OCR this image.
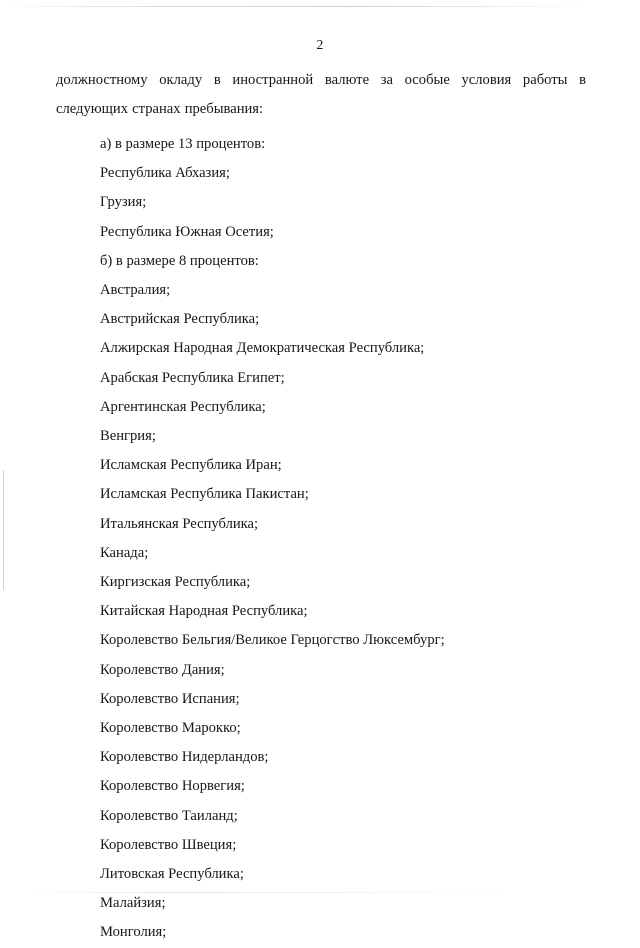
2

должностному окладу в иностранной валюте за особые условия работы в следующих странах пребывания:

а) в размере 13 процентов:
Республика Абхазия;
Грузия;
Республика Южная Осетия;
б) в размере 8 процентов:
Австралия;
Австрийская Республика;
Алжирская Народная Демократическая Республика;
Арабская Республика Египет;
Аргентинская Республика;
Венгрия;
Исламская Республика Иран;
Исламская Республика Пакистан;
Итальянская Республика;
Канада;
Киргизская Республика;
Китайская Народная Республика;
Королевство Бельгия/Великое Герцогство Люксембург;
Королевство Дания;
Королевство Испания;
Королевство Марокко;
Королевство Нидерландов;
Королевство Норвегия;
Королевство Таиланд;
Королевство Швеция;
Литовская Республика;
Малайзия;
Монголия;
